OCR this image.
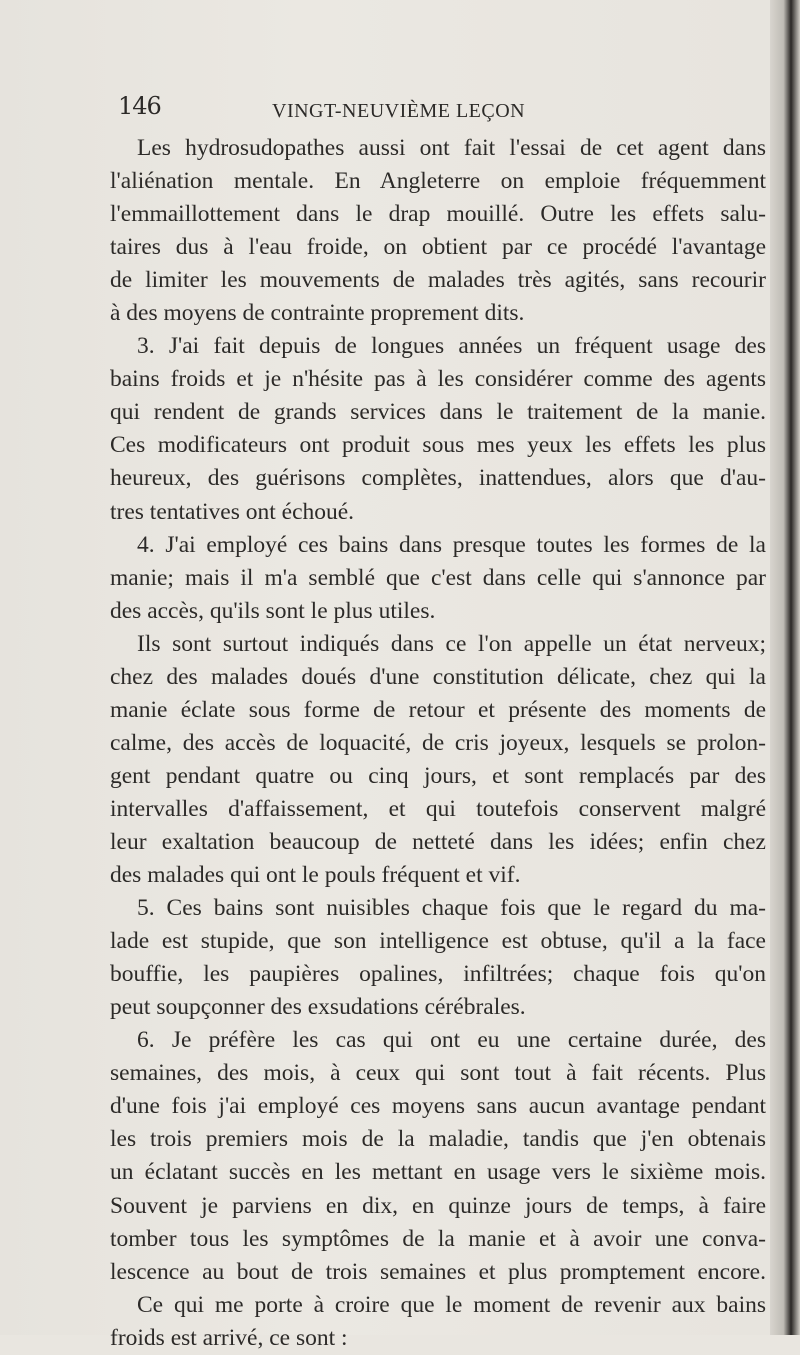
146	VINGT-NEUVIÈME LEÇON
Les hydrosudopathes aussi ont fait l'essai de cet agent dans
l'aliénation mentale. En Angleterre on emploie fréquemment
l'emmaillottement dans le drap mouillé. Outre les effets salu-
taires dus à l'eau froide, on obtient par ce procédé l'avantage
de limiter les mouvements de malades très agités, sans recourir
à des moyens de contrainte proprement dits.
3. J'ai fait depuis de longues années un fréquent usage des
bains froids et je n'hésite pas à les considérer comme des agents
qui rendent de grands services dans le traitement de la manie.
Ces modificateurs ont produit sous mes yeux les effets les plus
heureux, des guérisons complètes, inattendues, alors que d'au-
tres tentatives ont échoué.
4. J'ai employé ces bains dans presque toutes les formes de la
manie; mais il m'a semblé que c'est dans celle qui s'annonce par
des accès, qu'ils sont le plus utiles.
Ils sont surtout indiqués dans ce l'on appelle un état nerveux;
chez des malades doués d'une constitution délicate, chez qui la
manie éclate sous forme de retour et présente des moments de
calme, des accès de loquacité, de cris joyeux, lesquels se prolon-
gent pendant quatre ou cinq jours, et sont remplacés par des
intervalles d'affaissement, et qui toutefois conservent malgré
leur exaltation beaucoup de netteté dans les idées; enfin chez
des malades qui ont le pouls fréquent et vif.
5. Ces bains sont nuisibles chaque fois que le regard du ma-
lade est stupide, que son intelligence est obtuse, qu'il a la face
bouffie, les paupières opalines, infiltrées; chaque fois qu'on
peut soupçonner des exsudations cérébrales.
6. Je préfère les cas qui ont eu une certaine durée, des
semaines, des mois, à ceux qui sont tout à fait récents. Plus
d'une fois j'ai employé ces moyens sans aucun avantage pendant
les trois premiers mois de la maladie, tandis que j'en obtenais
un éclatant succès en les mettant en usage vers le sixième mois.
Souvent je parviens en dix, en quinze jours de temps, à faire
tomber tous les symptômes de la manie et à avoir une conva-
lescence au bout de trois semaines et plus promptement encore.
Ce qui me porte à croire que le moment de revenir aux bains
froids est arrivé, ce sont :
